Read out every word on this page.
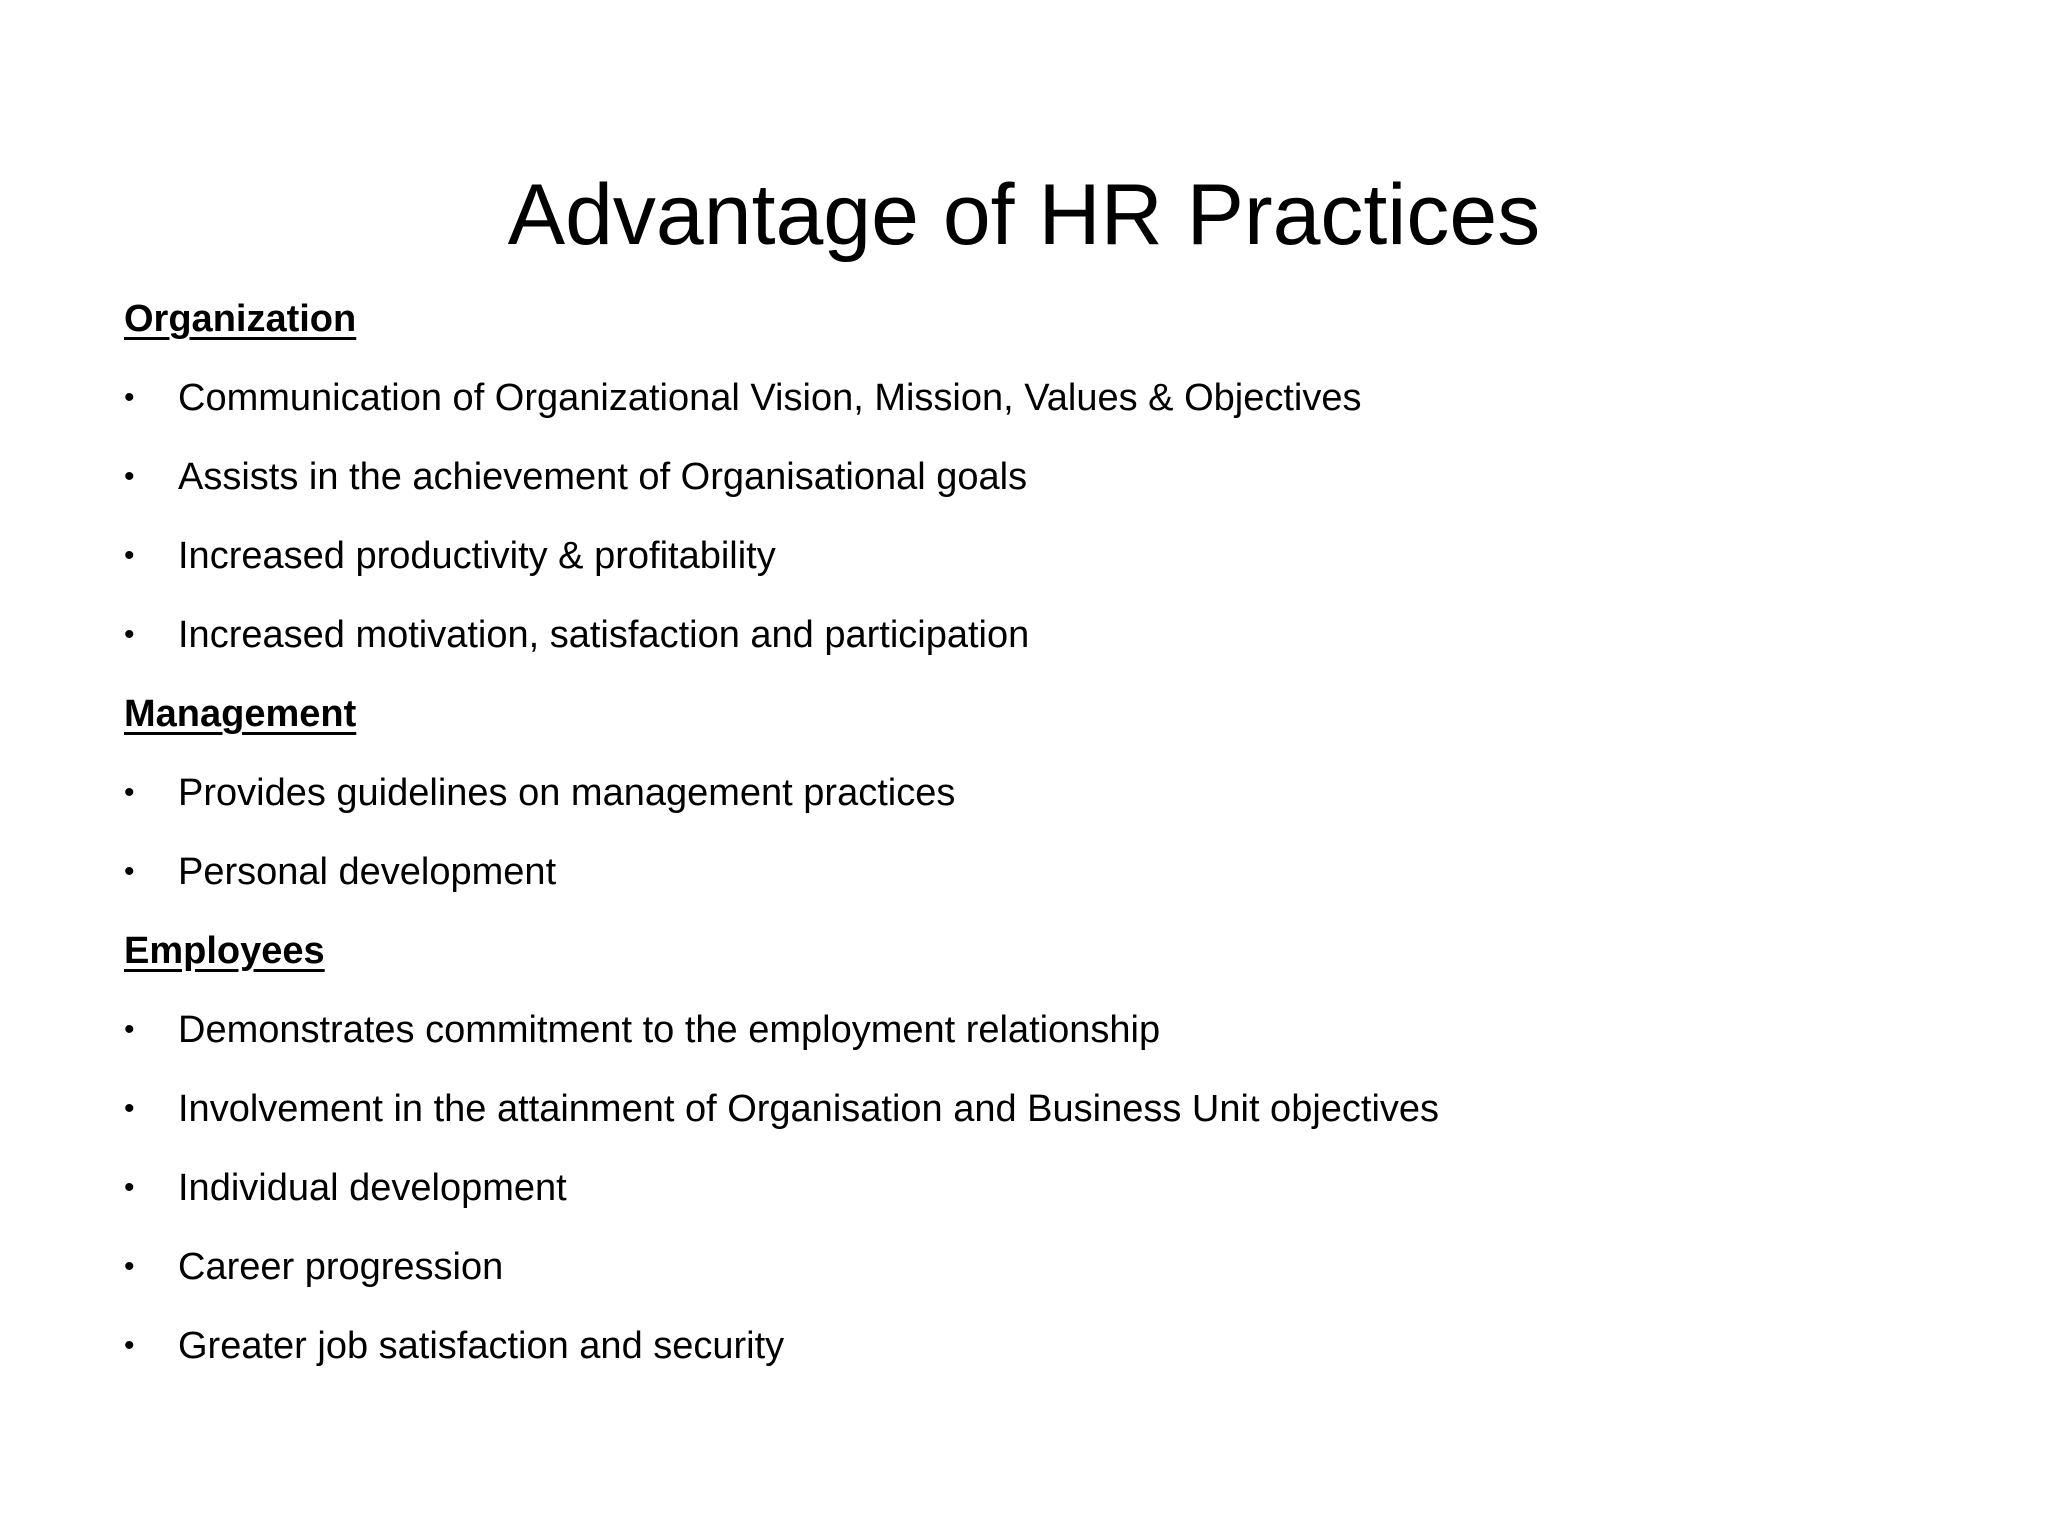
Advantage of HR Practices
Organization
• Communication of Organizational Vision, Mission, Values & Objectives
• Assists in the achievement of Organisational goals
• Increased productivity & profitability
• Increased motivation, satisfaction and participation
Management
• Provides guidelines on management practices
• Personal development
Employees
• Demonstrates commitment to the employment relationship
• Involvement in the attainment of Organisation and Business Unit objectives
• Individual development
• Career progression
• Greater job satisfaction and security
